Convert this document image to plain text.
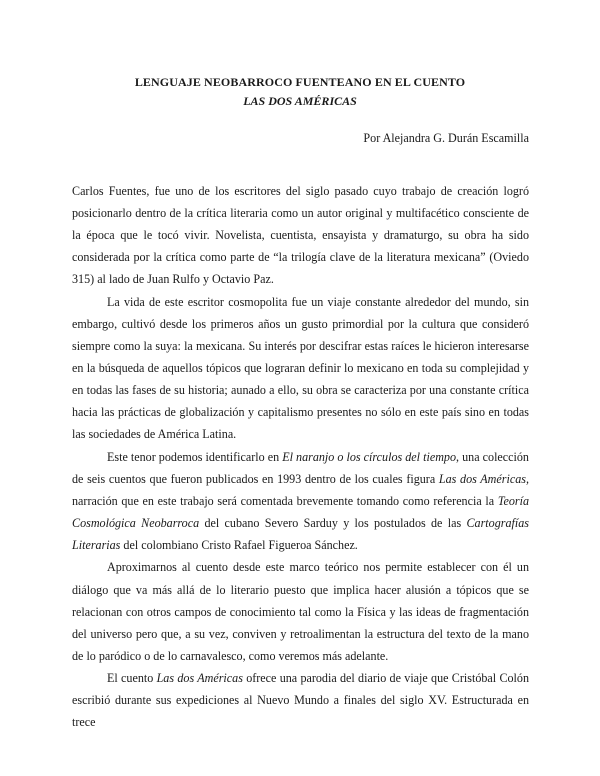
LENGUAJE NEOBARROCO FUENTEANO EN EL CUENTO
LAS DOS AMÉRICAS
Por Alejandra G. Durán Escamilla

Carlos Fuentes, fue uno de los escritores del siglo pasado cuyo trabajo de creación logró posicionarlo dentro de la crítica literaria como un autor original y multifacético consciente de la época que le tocó vivir. Novelista, cuentista, ensayista y dramaturgo, su obra ha sido considerada por la crítica como parte de “la trilogía clave de la literatura mexicana” (Oviedo 315) al lado de Juan Rulfo y Octavio Paz.

La vida de este escritor cosmopolita fue un viaje constante alrededor del mundo, sin embargo, cultivó desde los primeros años un gusto primordial por la cultura que consideró siempre como la suya: la mexicana. Su interés por descifrar estas raíces le hicieron interesarse en la búsqueda de aquellos tópicos que lograran definir lo mexicano en toda su complejidad y en todas las fases de su historia; aunado a ello, su obra se caracteriza por una constante crítica hacia las prácticas de globalización y capitalismo presentes no sólo en este país sino en todas las sociedades de América Latina.

Este tenor podemos identificarlo en El naranjo o los círculos del tiempo, una colección de seis cuentos que fueron publicados en 1993 dentro de los cuales figura Las dos Américas, narración que en este trabajo será comentada brevemente tomando como referencia la Teoría Cosmológica Neobarroca del cubano Severo Sarduy y los postulados de las Cartografías Literarias del colombiano Cristo Rafael Figueroa Sánchez.

Aproximarnos al cuento desde este marco teórico nos permite establecer con él un diálogo que va más allá de lo literario puesto que implica hacer alusión a tópicos que se relacionan con otros campos de conocimiento tal como la Física y las ideas de fragmentación del universo pero que, a su vez, conviven y retroalimentan la estructura del texto de la mano de lo paródico o de lo carnavalesco, como veremos más adelante.

El cuento Las dos Américas ofrece una parodia del diario de viaje que Cristóbal Colón escribió durante sus expediciones al Nuevo Mundo a finales del siglo XV. Estructurada en trece
